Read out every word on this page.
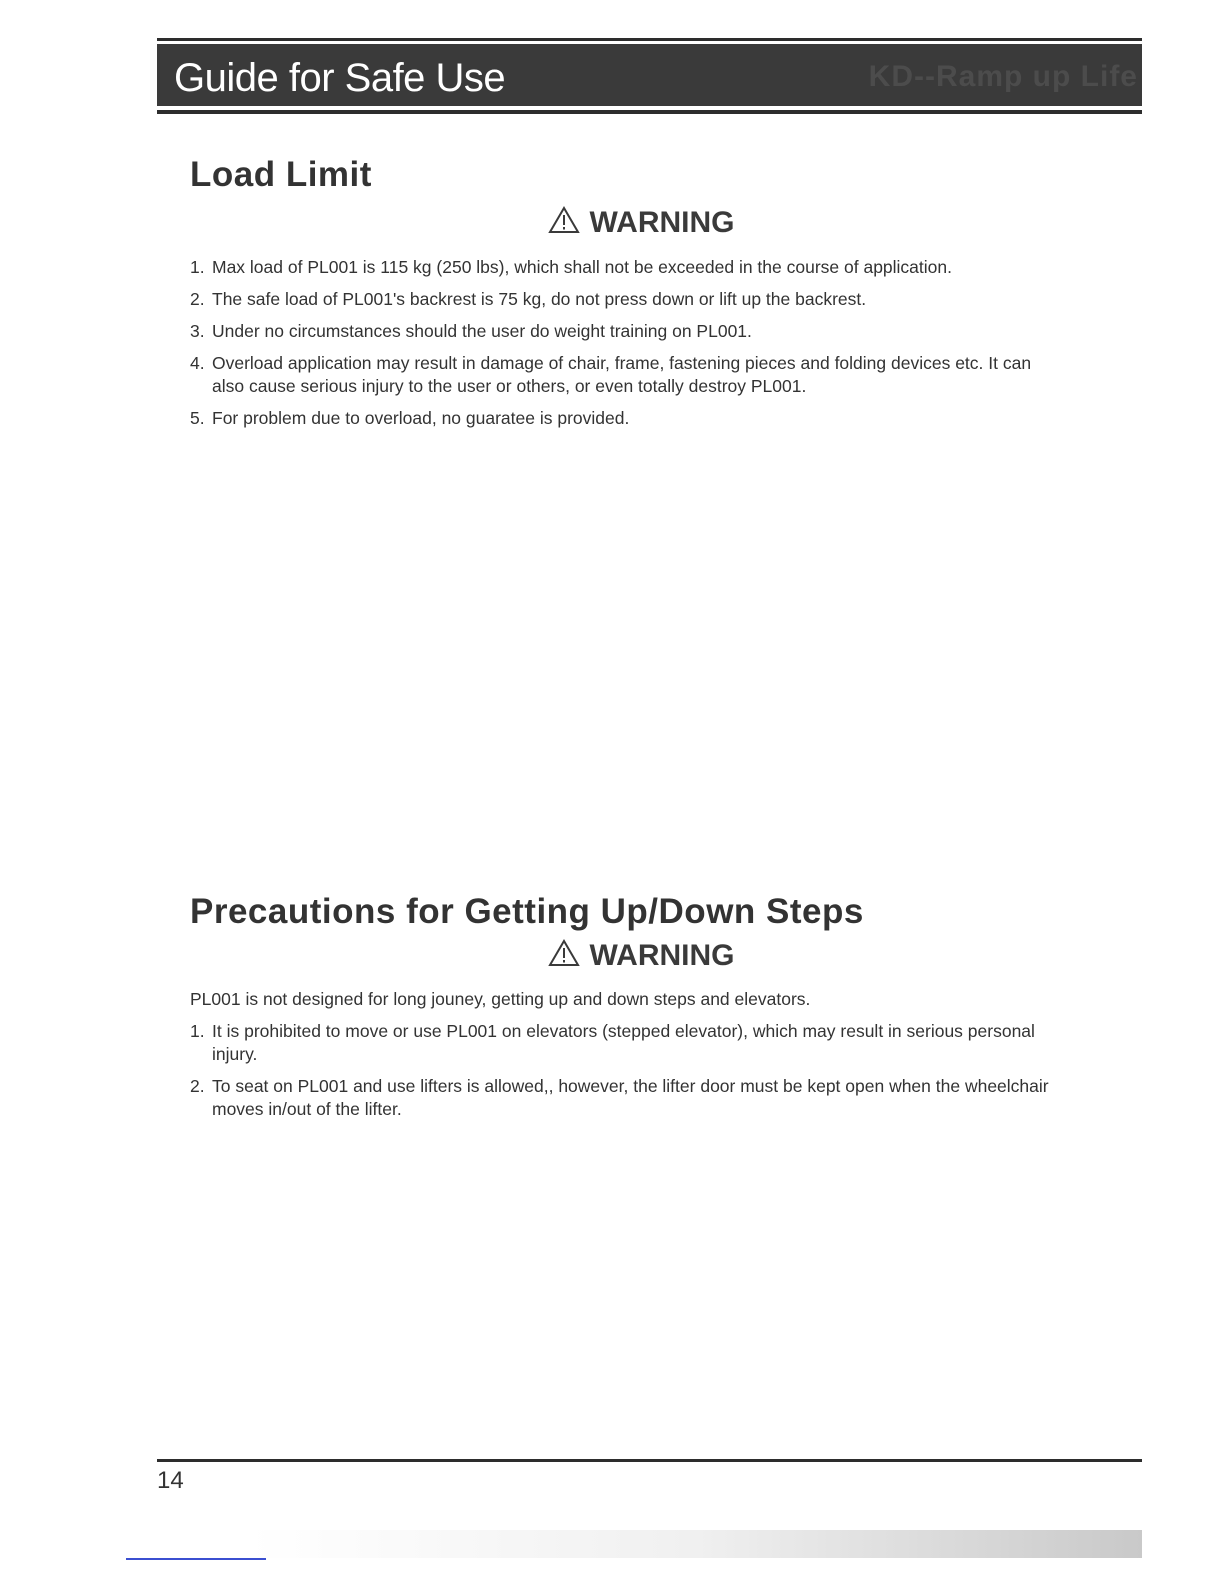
Guide for Safe Use	KD--Ramp up Life
Load Limit
WARNING
1. Max load of PL001 is 115 kg (250 lbs), which shall not be exceeded in the course of application.
2. The safe load of PL001's backrest is 75 kg, do not press down or lift up the backrest.
3. Under no circumstances should the user do weight training on PL001.
4. Overload application may result in damage of chair, frame, fastening pieces and folding devices etc. It can
also cause serious injury to the user or others, or even totally destroy PL001.
5. For problem due to overload, no guaratee is provided.
Precautions for Getting Up/Down Steps
WARNING

PL001 is not designed for long jouney, getting up and down steps and elevators.

1. It is prohibited to move or use PL001 on elevators (stepped elevator), which may result in serious personal
injury.
2. To seat on PL001 and use lifters is allowed,, however, the lifter door must be kept open when the wheelchair
moves in/out of the lifter.
14
